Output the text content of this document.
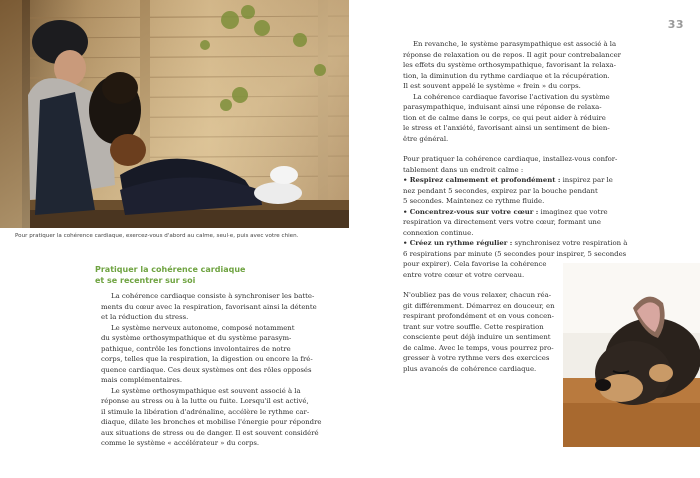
Pour pratiquer la cohérence cardiaque, exercez-vous d'abord au calme, seul·e, puis avec votre chien.
33
Pratiquer la cohérence cardiaque
et se recentrer sur soi

La cohérence cardiaque consiste à synchroniser les batte-

ments du cœur avec la respiration, favorisant ainsi la détente
et la réduction du stress.

Le système nerveux autonome, composé notamment

du système orthosympathique et du système parasym-
pathique, contrôle les fonctions involontaires de notre
corps, telles que la respiration, la digestion ou encore la fré-
quence cardiaque. Ces deux systèmes ont des rôles opposés
mais complémentaires.

Le système orthosympathique est souvent associé à la

réponse au stress ou à la lutte ou fuite. Lorsqu'il est activé,
il stimule la libération d'adrénaline, accélère le rythme car-
diaque, dilate les bronches et mobilise l'énergie pour répondre
aux situations de stress ou de danger. Il est souvent considéré
comme le système « accélérateur » du corps.

En revanche, le système parasympathique est associé à la

réponse de relaxation ou de repos. Il agit pour contrebalancer
les effets du système orthosympathique, favorisant la relaxa-
tion, la diminution du rythme cardiaque et la récupération.
Il est souvent appelé le système « frein » du corps.

La cohérence cardiaque favorise l'activation du système

parasympathique, induisant ainsi une réponse de relaxa-
tion et de calme dans le corps, ce qui peut aider à réduire
le stress et l'anxiété, favorisant ainsi un sentiment de bien-
être général.

Pour pratiquer la cohérence cardiaque, installez-vous confor-
tablement dans un endroit calme :

• Respirez calmement et profondément : inspirez par le
nez pendant 5 secondes, expirez par la bouche pendant
5 secondes. Maintenez ce rythme fluide.

• Concentrez-vous sur votre cœur : imaginez que votre
respiration va directement vers votre cœur, formant une
connexion continue.

• Créez un rythme régulier : synchronisez votre respiration à
6 respirations par minute (5 secondes pour inspirer, 5 secondes
pour expirer). Cela favorise la cohérence
entre votre cœur et votre cerveau.

N'oubliez pas de vous relaxer, chacun réa-
git différemment. Démarrez en douceur, en
respirant profondément et en vous concen-
trant sur votre souffle. Cette respiration
consciente peut déjà induire un sentiment
de calme. Avec le temps, vous pourrez pro-
gresser à votre rythme vers des exercices
plus avancés de cohérence cardiaque.
